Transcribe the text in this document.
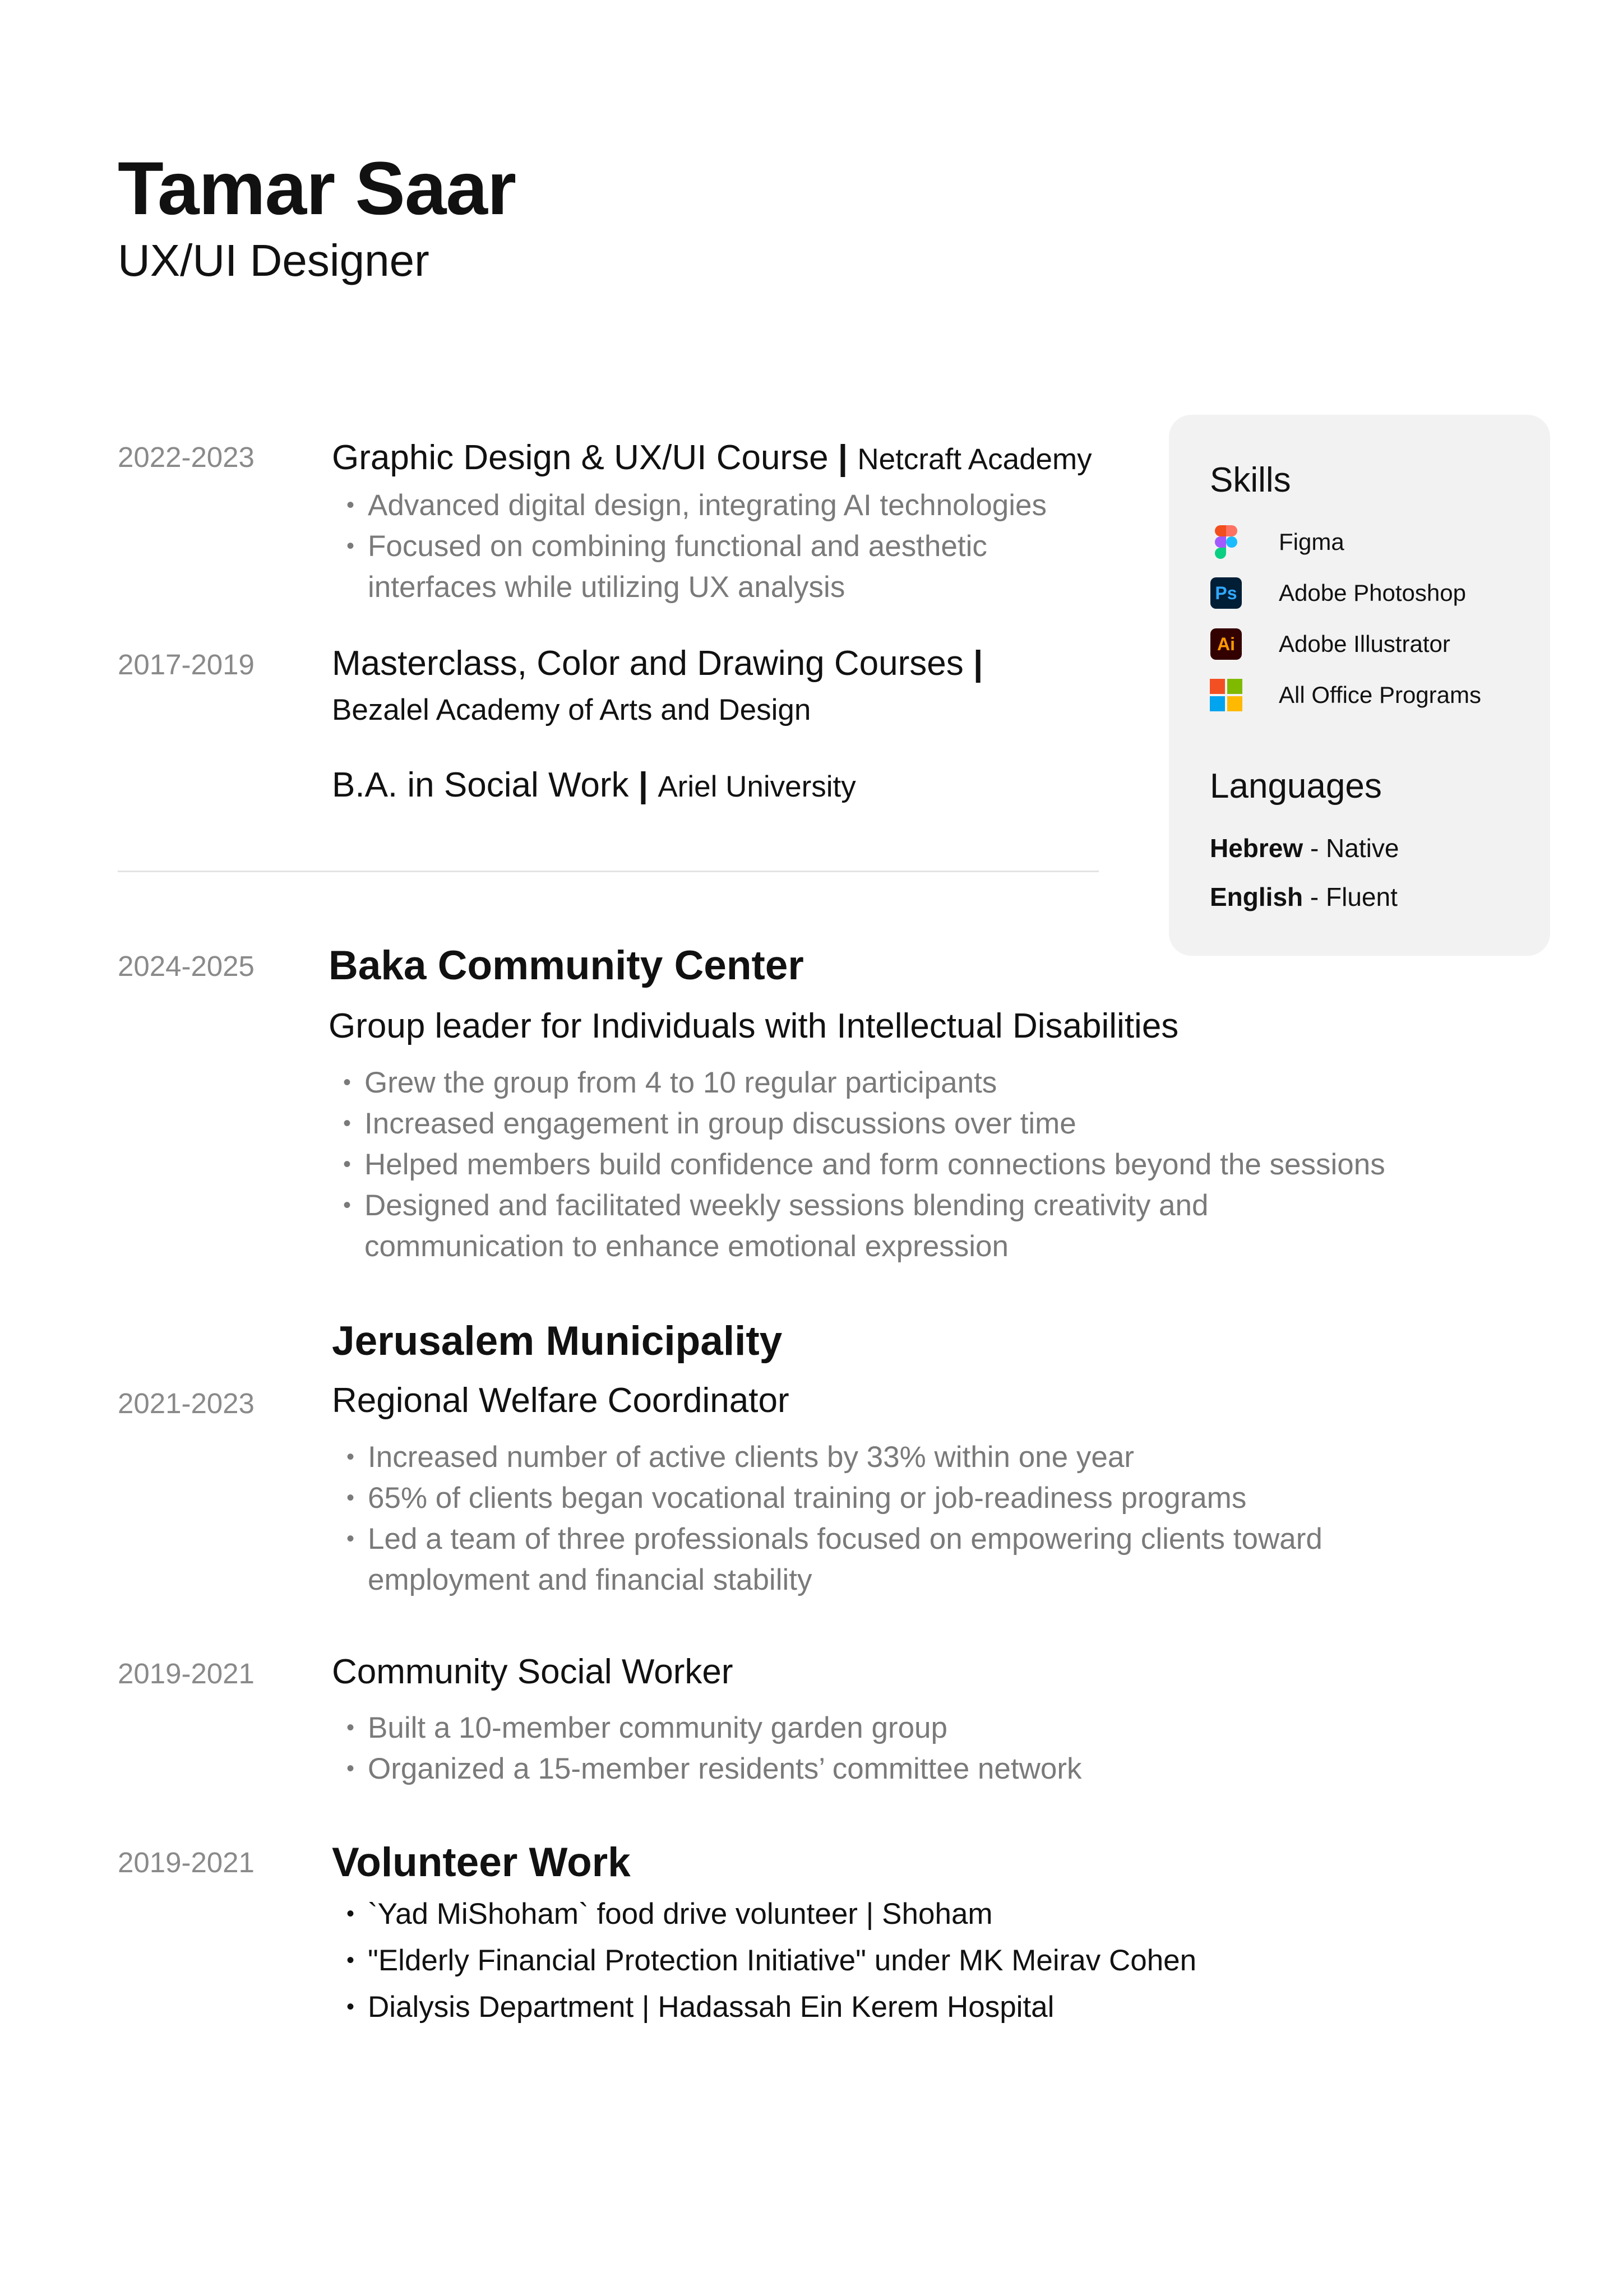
Tamar Saar
UX/UI Designer
2022-2023 Graphic Design & UX/UI Course | Netcraft Academy
• Advanced digital design, integrating AI technologies
• Focused on combining functional and aesthetic
interfaces while utilizing UX analysis
2017-2019 Masterclass, Color and Drawing Courses |
Bezalel Academy of Arts and Design
B.A. in Social Work | Ariel University
2024-2025 Baka Community Center
Group leader for Individuals with Intellectual Disabilities
• Grew the group from 4 to 10 regular participants
• Increased engagement in group discussions over time
• Helped members build confidence and form connections beyond the sessions
• Designed and facilitated weekly sessions blending creativity and
communication to enhance emotional expression
Jerusalem Municipality
2021-2023 Regional Welfare Coordinator
• Increased number of active clients by 33% within one year
• 65% of clients began vocational training or job-readiness programs
• Led a team of three professionals focused on empowering clients toward
employment and financial stability
2019-2021 Community Social Worker
• Built a 10-member community garden group
• Organized a 15-member residents’ committee network
2019-2021 Volunteer Work
• `Yad MiShoham` food drive volunteer | Shoham
• "Elderly Financial Protection Initiative" under MK Meirav Cohen
• Dialysis Department | Hadassah Ein Kerem Hospital
Skills
Figma
Ps Adobe Photoshop
Ai Adobe Illustrator
All Office Programs
Languages
Hebrew - Native
English - Fluent
